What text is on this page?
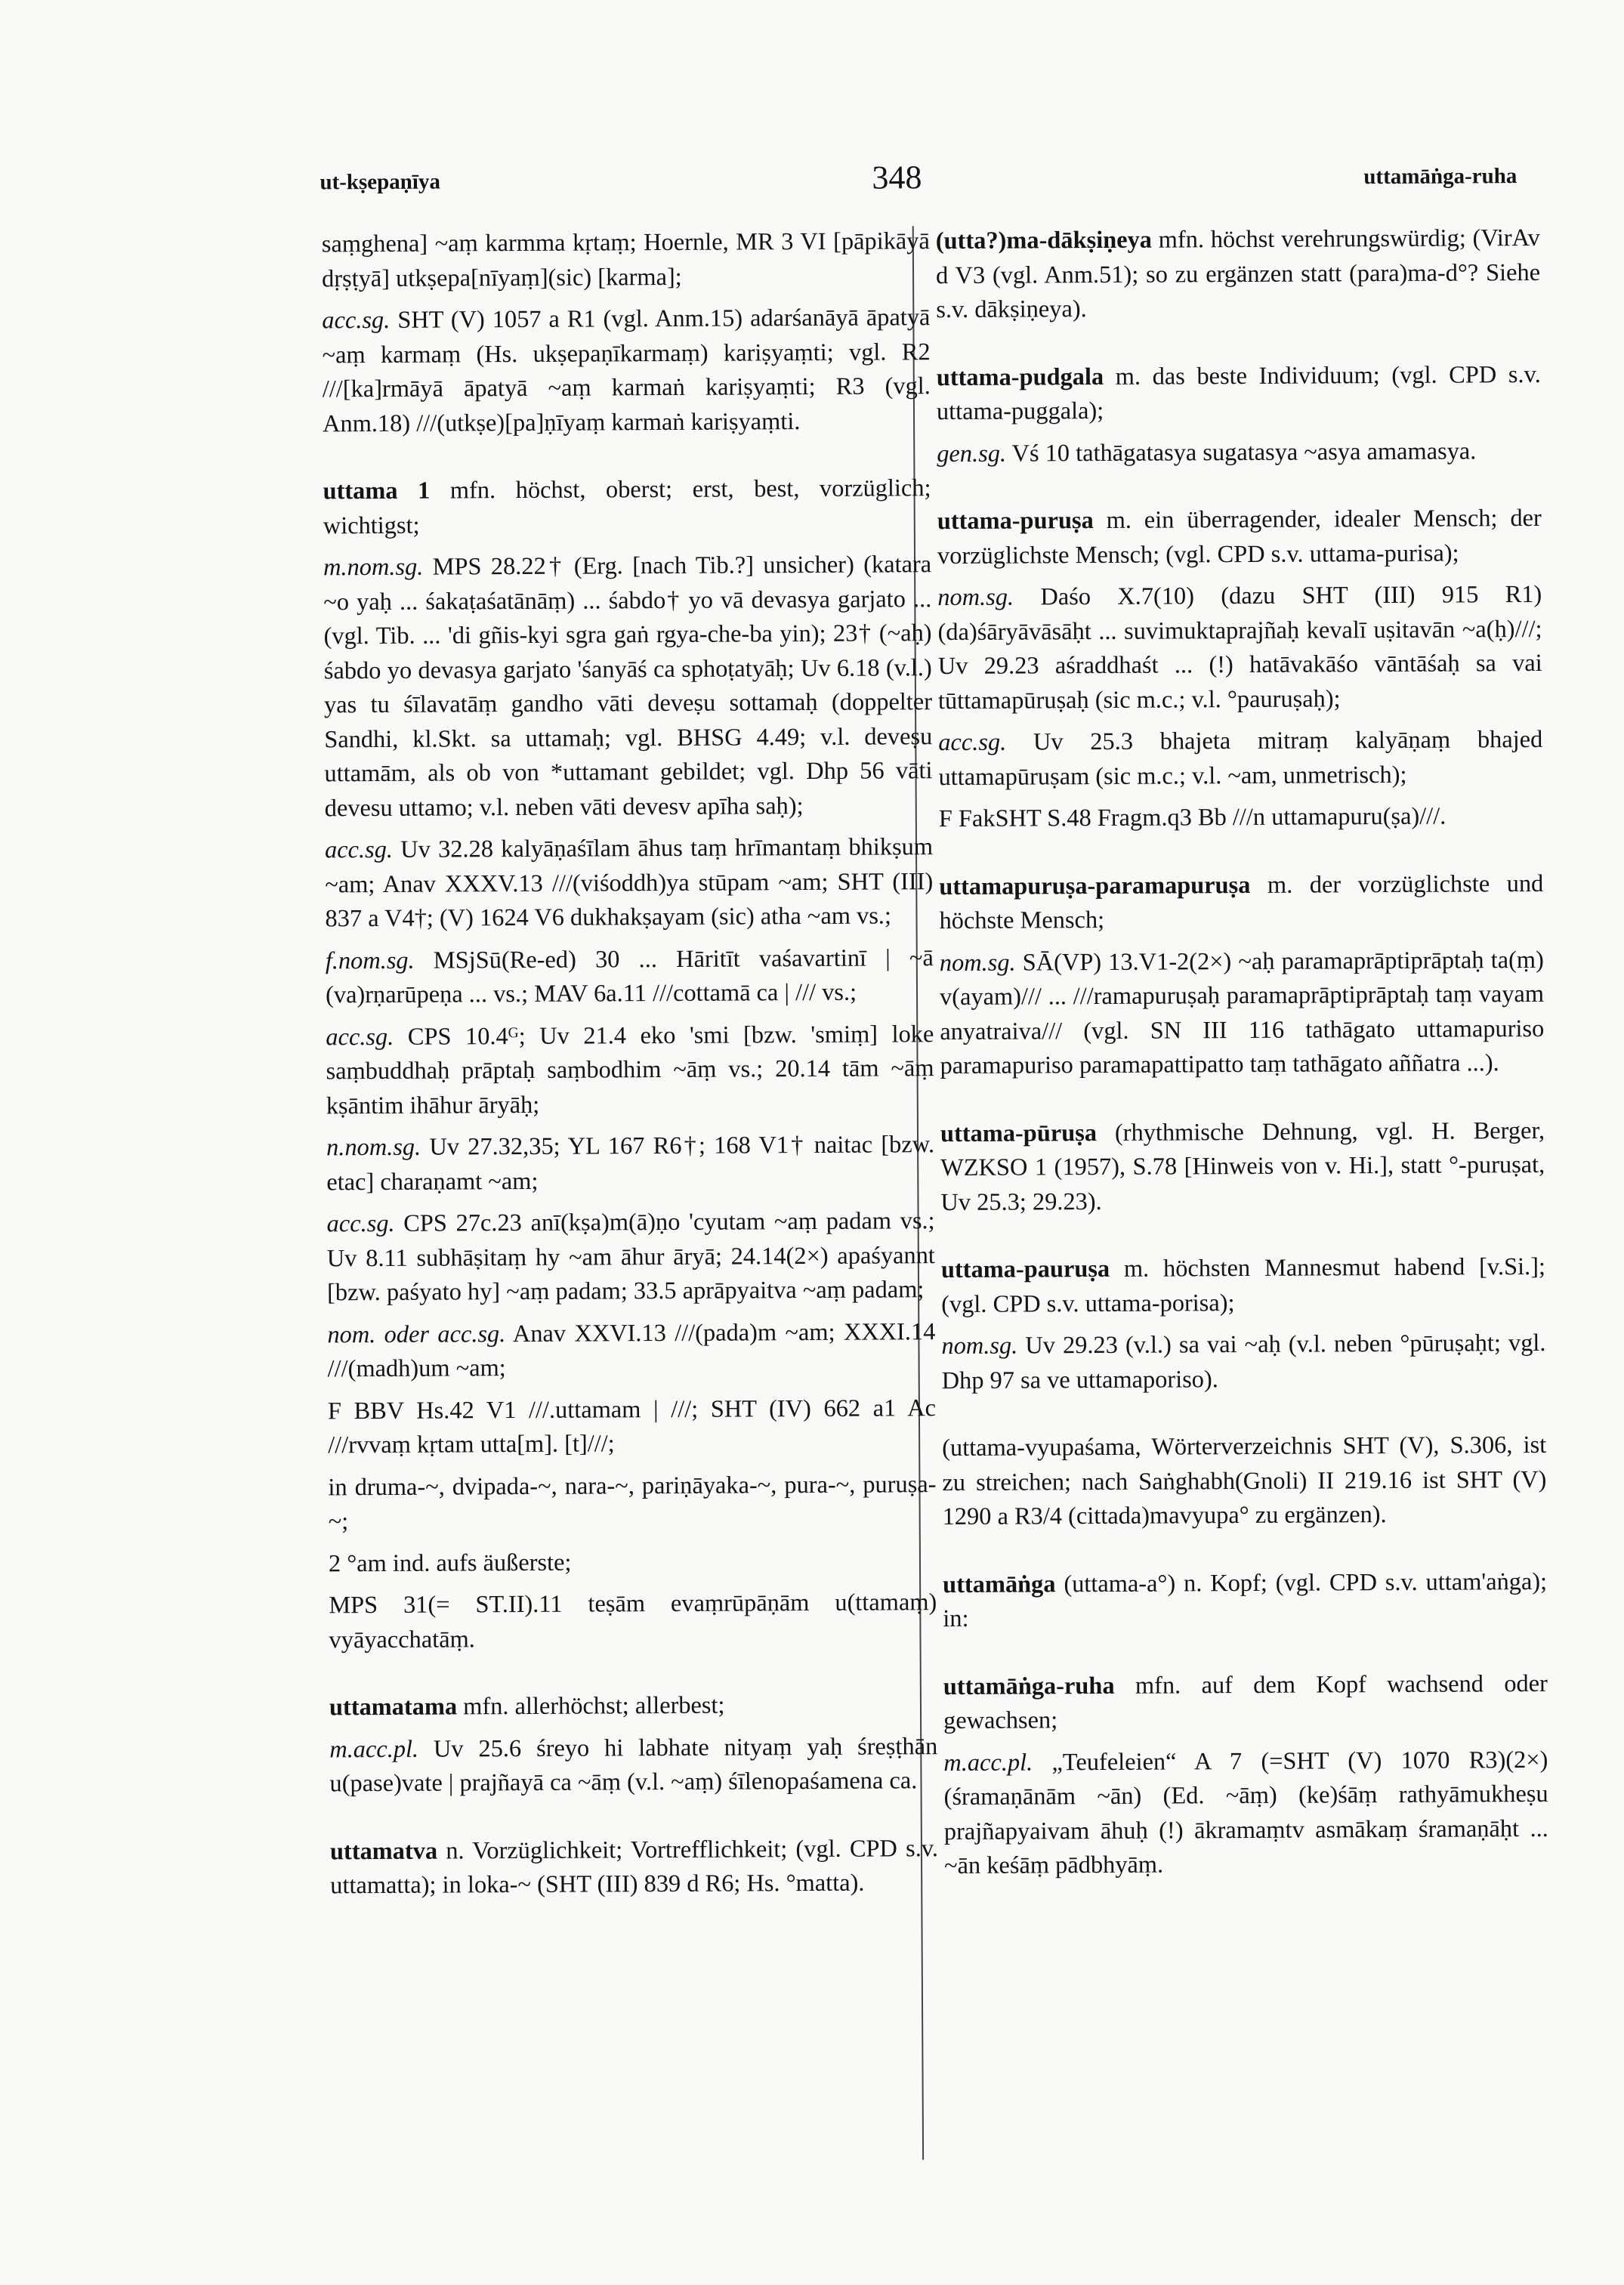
ut-kṣepaṇīya	348	uttamāṅga-ruha

saṃghena] ~aṃ karmma kṛtaṃ; Hoernle, MR 3 VI [pāpikāyā dṛṣṭyā] utkṣepa[nīyaṃ](sic) [karma];

acc.sg. SHT (V) 1057 a R1 (vgl. Anm.15) adarśanāyā āpatyā ~aṃ karmaṃ (Hs. ukṣepaṇīkarmaṃ) kariṣyaṃti; vgl. R2 ///[ka]rmāyā āpatyā ~aṃ karmaṅ kariṣyaṃti; R3 (vgl. Anm.18) ///(utkṣe)[pa]ṇīyaṃ karmaṅ kariṣyaṃti.

uttama 1 mfn. höchst, oberst; erst, best, vorzüglich; wichtigst;

m.nom.sg. MPS 28.22† (Erg. [nach Tib.?] unsicher) (katara ~o yaḥ ... śakaṭaśatānāṃ) ... śabdo† yo vā devasya garjato ... (vgl. Tib. ... 'di gñis-kyi sgra gaṅ rgya-che-ba yin); 23† (~aḥ) śabdo yo devasya garjato 'śanyāś ca sphoṭatyāḥ; Uv 6.18 (v.l.) yas tu śīlavatāṃ gandho vāti deveṣu sottamaḥ (doppelter Sandhi, kl.Skt. sa uttamaḥ; vgl. BHSG 4.49; v.l. deveṣu uttamām, als ob von *uttamant gebildet; vgl. Dhp 56 vāti devesu uttamo; v.l. neben vāti devesv apīha saḥ);

acc.sg. Uv 32.28 kalyāṇaśīlam āhus taṃ hrīmantaṃ bhikṣum ~am; Anav XXXV.13 ///(viśoddh)ya stūpam ~am; SHT (III) 837 a V4†; (V) 1624 V6 dukhakṣayam (sic) atha ~am vs.;

f.nom.sg. MSjSū(Re-ed) 30 ... Hāritīt vaśavartinī | ~ā (va)rṇarūpeṇa ... vs.; MAV 6a.11 ///cottamā ca | /// vs.;

acc.sg. CPS 10.4ᴳ; Uv 21.4 eko 'smi [bzw. 'smiṃ] loke saṃbuddhaḥ prāptaḥ saṃbodhim ~āṃ vs.; 20.14 tām ~āṃ kṣāntim ihāhur āryāḥ;

n.nom.sg. Uv 27.32,35; YL 167 R6†; 168 V1† naitac [bzw. etac] charaṇamt ~am;

acc.sg. CPS 27c.23 anī(kṣa)m(ā)ṇo 'cyutam ~aṃ padam vs.; Uv 8.11 subhāṣitaṃ hy ~am āhur āryā; 24.14(2×) apaśyannt [bzw. paśyato hy] ~aṃ padam; 33.5 aprāpyaitva ~aṃ padam;

nom. oder acc.sg. Anav XXVI.13 ///(pada)m ~am; XXXI.14 ///(madh)um ~am;

F BBV Hs.42 V1 ///.uttamam | ///; SHT (IV) 662 a1 Ac ///rvvaṃ kṛtam utta[m]. [t]///;

in druma-~, dvipada-~, nara-~, pariṇāyaka-~, pura-~, puruṣa-~;

2 °am ind. aufs äußerste;

MPS 31(= ST.II).11 teṣām evaṃrūpāṇām u(ttamaṃ) vyāyacchatāṃ.

uttamatama mfn. allerhöchst; allerbest;

m.acc.pl. Uv 25.6 śreyo hi labhate nityaṃ yaḥ śreṣṭhān u(pase)vate | prajñayā ca ~āṃ (v.l. ~aṃ) śīlenopaśamena ca.

uttamatva n. Vorzüglichkeit; Vortrefflichkeit; (vgl. CPD s.v. uttamatta); in loka-~ (SHT (III) 839 d R6; Hs. °matta).

(utta?)ma-dākṣiṇeya mfn. höchst verehrungswürdig; (VirAv d V3 (vgl. Anm.51); so zu ergänzen statt (para)ma-d°? Siehe s.v. dākṣiṇeya).

uttama-pudgala m. das beste Individuum; (vgl. CPD s.v. uttama-puggala);

gen.sg. Vś 10 tathāgatasya sugatasya ~asya amamasya.

uttama-puruṣa m. ein überragender, idealer Mensch; der vorzüglichste Mensch; (vgl. CPD s.v. uttama-purisa);

nom.sg. Daśo X.7(10) (dazu SHT (III) 915 R1) (da)śāryāvāsāḥt ... suvimuktaprajñaḥ kevalī uṣitavān ~a(ḥ)///; Uv 29.23 aśraddhaśt ... (!) hatāvakāśo vāntāśaḥ sa vai tūttamapūruṣaḥ (sic m.c.; v.l. °pauruṣaḥ);

acc.sg. Uv 25.3 bhajeta mitraṃ kalyāṇaṃ bhajed uttamapūruṣam (sic m.c.; v.l. ~am, unmetrisch);

F FakSHT S.48 Fragm.q3 Bb ///n uttamapuru(ṣa)///.

uttamapuruṣa-paramapuruṣa m. der vorzüglichste und höchste Mensch;

nom.sg. SĀ(VP) 13.V1-2(2×) ~aḥ paramaprāptiprāptaḥ ta(ṃ) v(ayam)/// ... ///ramapuruṣaḥ paramaprāptiprāptaḥ taṃ vayam anyatraiva/// (vgl. SN III 116 tathāgato uttamapuriso paramapuriso paramapattipatto taṃ tathāgato aññatra ...).

uttama-pūruṣa (rhythmische Dehnung, vgl. H. Berger, WZKSO 1 (1957), S.78 [Hinweis von v. Hi.], statt °-puruṣat, Uv 25.3; 29.23).

uttama-pauruṣa m. höchsten Mannesmut habend [v.Si.]; (vgl. CPD s.v. uttama-porisa);

nom.sg. Uv 29.23 (v.l.) sa vai ~aḥ (v.l. neben °pūruṣaḥt; vgl. Dhp 97 sa ve uttamaporiso).

(uttama-vyupaśama, Wörterverzeichnis SHT (V), S.306, ist zu streichen; nach Saṅghabh(Gnoli) II 219.16 ist SHT (V) 1290 a R3/4 (cittada)mavyupa° zu ergänzen).

uttamāṅga (uttama-a°) n. Kopf; (vgl. CPD s.v. uttam'aṅga); in:

uttamāṅga-ruha mfn. auf dem Kopf wachsend oder gewachsen;

m.acc.pl. „Teufeleien“ A 7 (=SHT (V) 1070 R3)(2×) (śramaṇānām ~ān) (Ed. ~āṃ) (ke)śāṃ rathyāmukheṣu prajñapyaivam āhuḥ (!) ākramaṃtv asmākaṃ śramaṇāḥt ... ~ān keśāṃ pādbhyāṃ.
